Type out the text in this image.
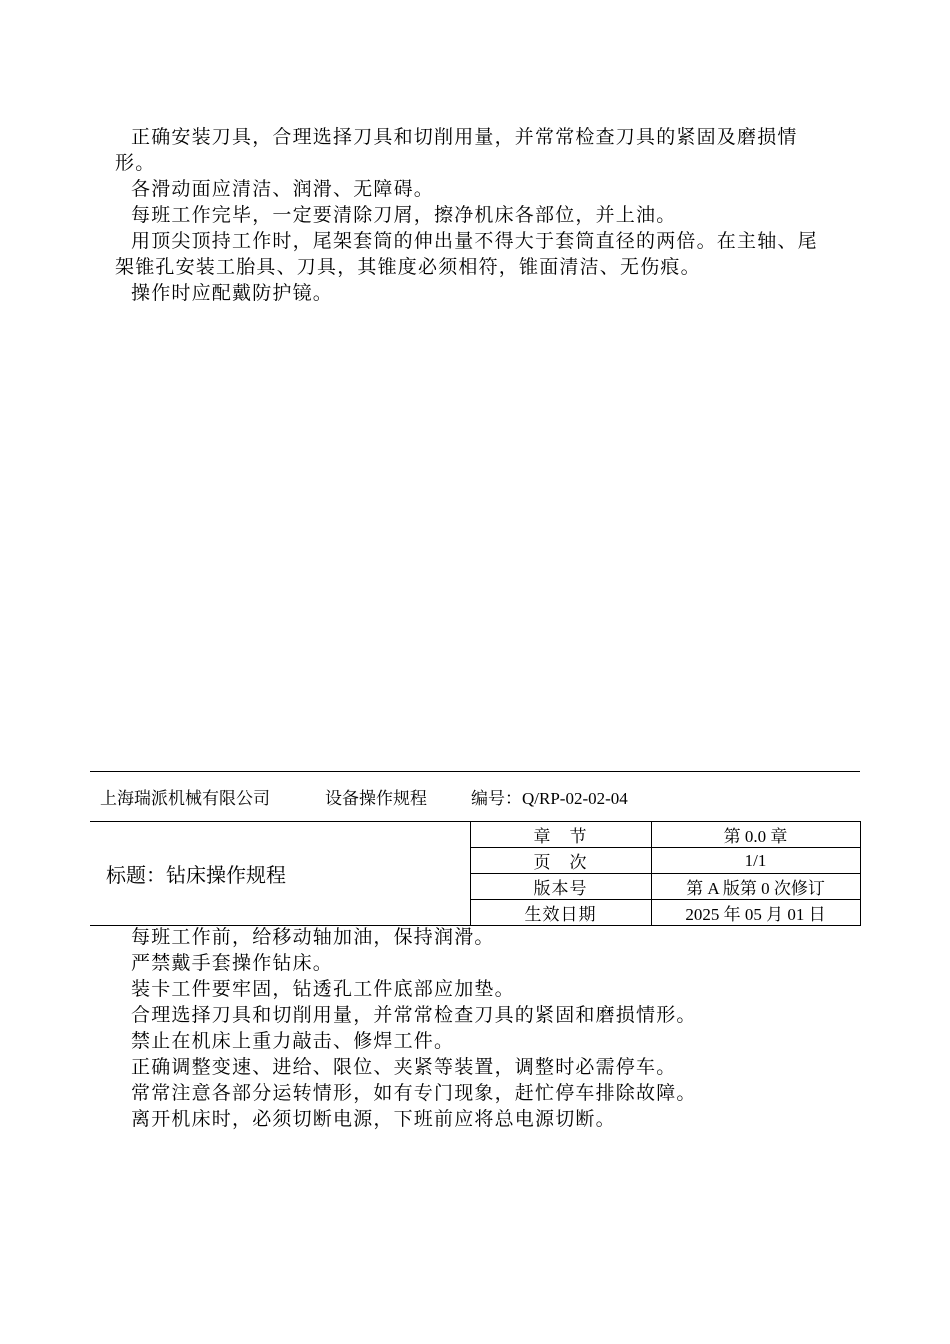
正确安装刀具，合理选择刀具和切削用量，并常常检查刀具的紧固及磨损情形。

各滑动面应清洁、润滑、无障碍。

每班工作完毕，一定要清除刀屑，擦净机床各部位，并上油。

用顶尖顶持工作时，尾架套筒的伸出量不得大于套筒直径的两倍。在主轴、尾架锥孔安装工胎具、刀具，其锥度必须相符，锥面清洁、无伤痕。

操作时应配戴防护镜。

上海瑞派机械有限公司	设备操作规程	编号：Q/RP-02-02-04
标题：钻床操作规程	章　节	第 0.0 章
	页　次	1/1
	版本号	第 A 版第 0 次修订
	生效日期	2025 年 05 月 01 日

每班工作前，给移动轴加油，保持润滑。

严禁戴手套操作钻床。

装卡工件要牢固，钻透孔工件底部应加垫。

合理选择刀具和切削用量，并常常检查刀具的紧固和磨损情形。

禁止在机床上重力敲击、修焊工件。

正确调整变速、进给、限位、夹紧等装置，调整时必需停车。

常常注意各部分运转情形，如有专门现象，赶忙停车排除故障。

离开机床时，必须切断电源，下班前应将总电源切断。
